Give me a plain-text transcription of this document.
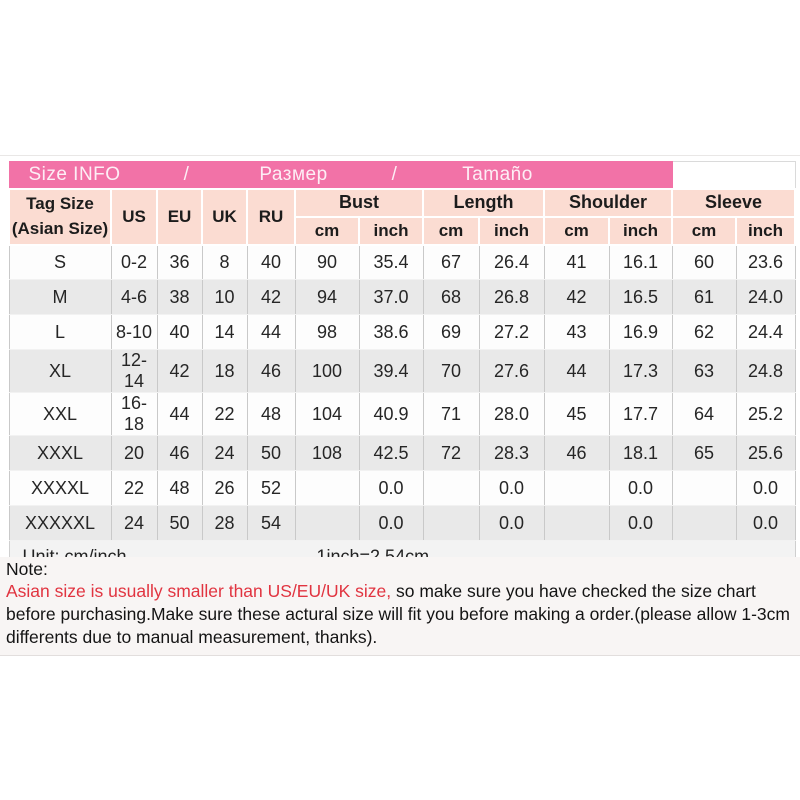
Size INFO / Размер / Tamaño												

Tag Size
(Asian Size)	US	EU	UK	RU	Bust		Length		Shoulder		Sleeve	
					cm	inch	cm	inch	cm	inch	cm	inch
S	0-2	36	8	40	90	35.4	67	26.4	41	16.1	60	23.6
M	4-6	38	10	42	94	37.0	68	26.8	42	16.5	61	24.0
L	8-10	40	14	44	98	38.6	69	27.2	43	16.9	62	24.4
XL	12-14	42	18	46	100	39.4	70	27.6	44	17.3	63	24.8
XXL	16-18	44	22	48	104	40.9	71	28.0	45	17.7	64	25.2
XXXL	20	46	24	50	108	42.5	72	28.3	46	18.1	65	25.6
XXXXL	22	48	26	52		0.0		0.0		0.0		0.0
XXXXXL	24	50	28	54		0.0		0.0		0.0		0.0

Note:

Asian size is usually smaller than US/EU/UK size, so make sure you have checked the size chart before purchasing.Make sure these actural size will fit you before making a order.(please allow 1-3cm differents due to manual measurement, thanks).
